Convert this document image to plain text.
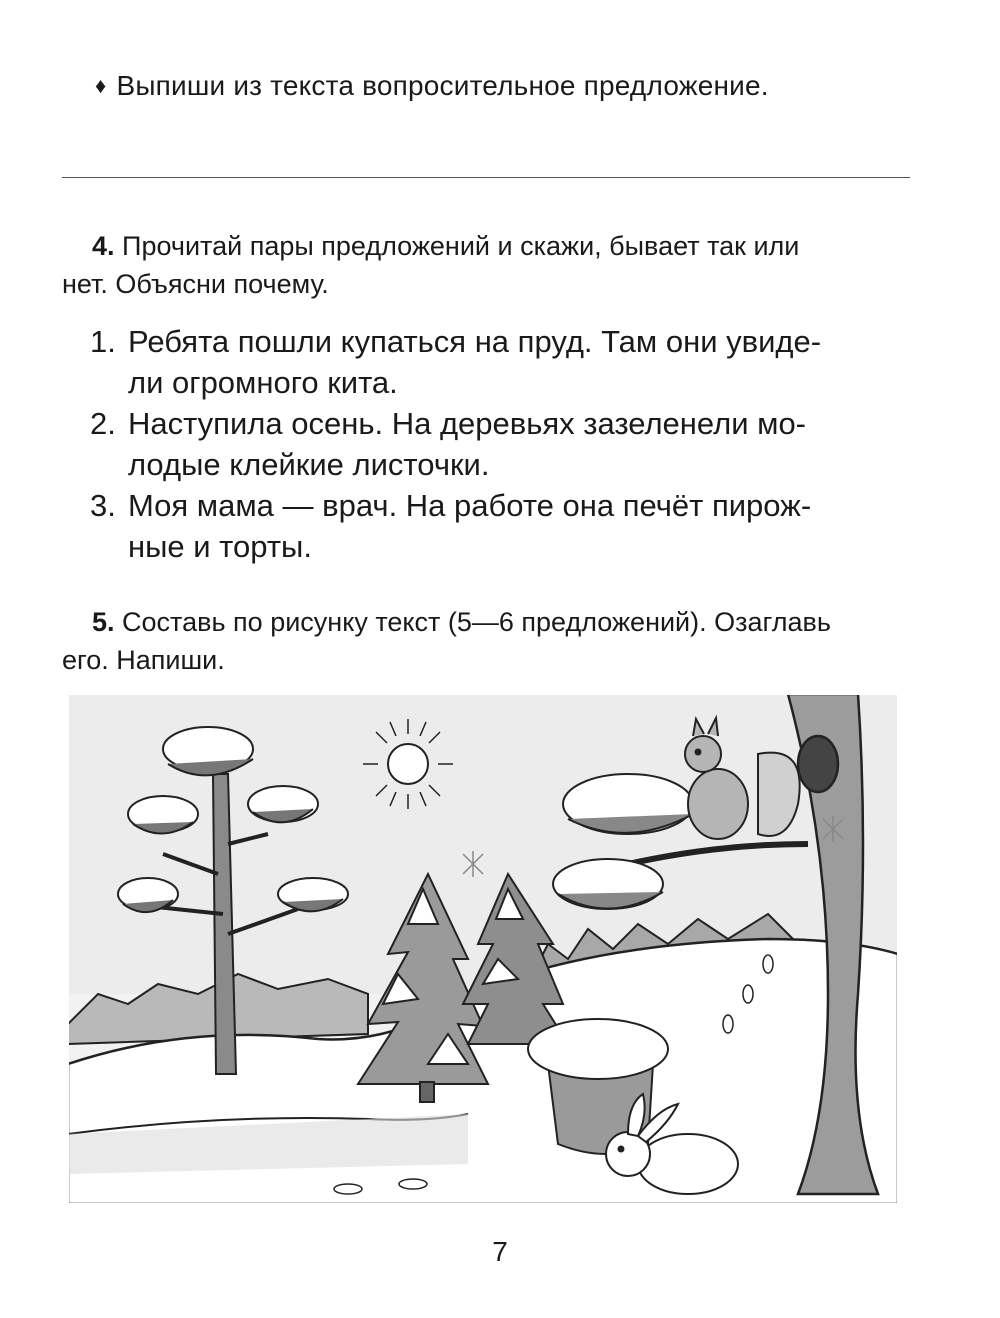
♦ Выпиши из текста вопросительное предложение.
4. Прочитай пары предложений и скажи, бывает так или
нет. Объясни почему.
1. Ребята пошли купаться на пруд. Там они увиде-
ли огромного кита.
2. Наступила осень. На деревьях зазеленели мо-
лодые клейкие листочки.
3. Моя мама — врач. На работе она печёт пирож-
ные и торты.
5. Составь по рисунку текст (5—6 предложений). Озаглавь
его. Напиши.
7
